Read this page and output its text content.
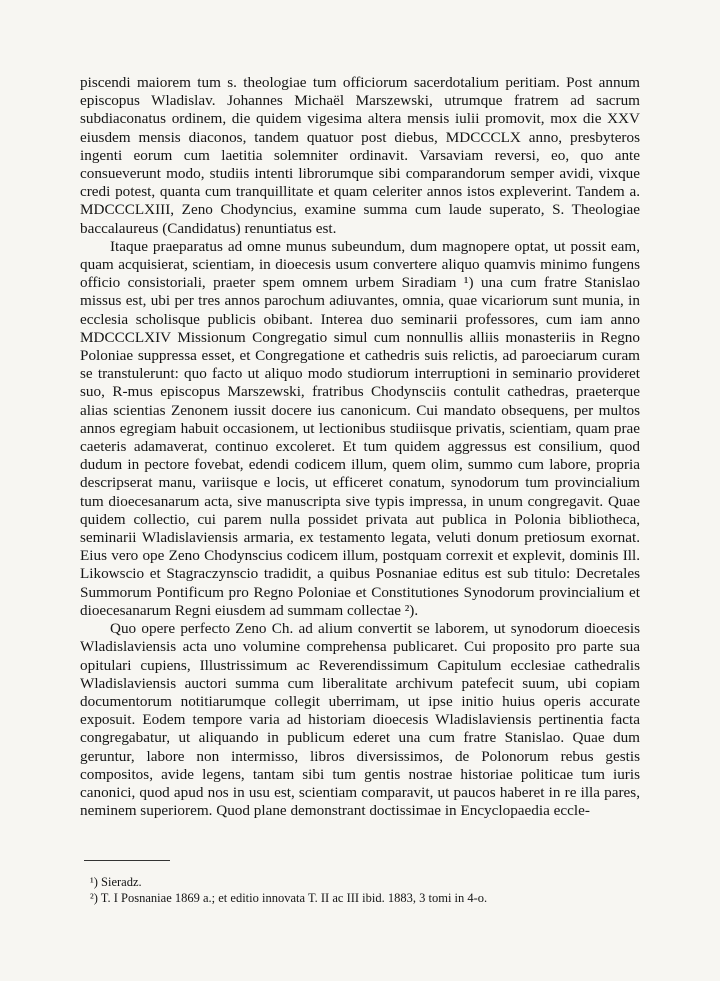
piscendi maiorem tum s. theologiae tum officiorum sacerdotalium peritiam. Post annum episcopus Wladislav. Johannes Michaël Marszewski, utrumque fratrem ad sacrum subdiaconatus ordinem, die quidem vigesima altera mensis iulii promovit, mox die XXV eiusdem mensis diaconos, tandem quatuor post diebus, MDCCCLX anno, presbyteros ingenti eorum cum laetitia solemniter ordinavit. Varsaviam reversi, eo, quo ante consueverunt modo, studiis intenti librorumque sibi comparandorum semper avidi, vixque credi potest, quanta cum tranquillitate et quam celeriter annos istos expleverint. Tandem a. MDCCCLXIII, Zeno Chodyncius, examine summa cum laude superato, S. Theologiae baccalaureus (Candidatus) renuntiatus est.

Itaque praeparatus ad omne munus subeundum, dum magnopere optat, ut possit eam, quam acquisierat, scientiam, in dioecesis usum convertere aliquo quamvis minimo fungens officio consistoriali, praeter spem omnem urbem Siradiam ¹) una cum fratre Stanislao missus est, ubi per tres annos parochum adiuvantes, omnia, quae vicariorum sunt munia, in ecclesia scholisque publicis obibant. Interea duo seminarii professores, cum iam anno MDCCCLXIV Missionum Congregatio simul cum nonnullis alliis monasteriis in Regno Poloniae suppressa esset, et Congregatione et cathedris suis relictis, ad paroeciarum curam se transtulerunt: quo facto ut aliquo modo studiorum interruptioni in seminario provideret suo, R-mus episcopus Marszewski, fratribus Chodynsciis contulit cathedras, praeterque alias scientias Zenonem iussit docere ius canonicum. Cui mandato obsequens, per multos annos egregiam habuit occasionem, ut lectionibus studiisque privatis, scientiam, quam prae caeteris adamaverat, continuo excoleret. Et tum quidem aggressus est consilium, quod dudum in pectore fovebat, edendi codicem illum, quem olim, summo cum labore, propria descripserat manu, variisque e locis, ut efficeret conatum, synodorum tum provincialium tum dioecesanarum acta, sive manuscripta sive typis impressa, in unum congregavit. Quae quidem collectio, cui parem nulla possidet privata aut publica in Polonia bibliotheca, seminarii Wladislaviensis armaria, ex testamento legata, veluti donum pretiosum exornat. Eius vero ope Zeno Chodynscius codicem illum, postquam correxit et explevit, dominis Ill. Likowscio et Stagraczynscio tradidit, a quibus Posnaniae editus est sub titulo: Decretales Summorum Pontificum pro Regno Poloniae et Constitutiones Synodorum provincialium et dioecesanarum Regni eiusdem ad summam collectae ²).

Quo opere perfecto Zeno Ch. ad alium convertit se laborem, ut synodorum dioecesis Wladislaviensis acta uno volumine comprehensa publicaret. Cui proposito pro parte sua opitulari cupiens, Illustrissimum ac Reverendissimum Capitulum ecclesiae cathedralis Wladislaviensis auctori summa cum liberalitate archivum patefecit suum, ubi copiam documentorum notitiarumque collegit uberrimam, ut ipse initio huius operis accurate exposuit. Eodem tempore varia ad historiam dioecesis Wladislaviensis pertinentia facta congregabatur, ut aliquando in publicum ederet una cum fratre Stanislao. Quae dum geruntur, labore non intermisso, libros diversissimos, de Polonorum rebus gestis compositos, avide legens, tantam sibi tum gentis nostrae historiae politicae tum iuris canonici, quod apud nos in usu est, scientiam comparavit, ut paucos haberet in re illa pares, neminem superiorem. Quod plane demonstrant doctissimae in Encyclopaedia eccle-

¹) Sieradz.
²) T. I Posnaniae 1869 a.; et editio innovata T. II ac III ibid. 1883, 3 tomi in 4-o.
